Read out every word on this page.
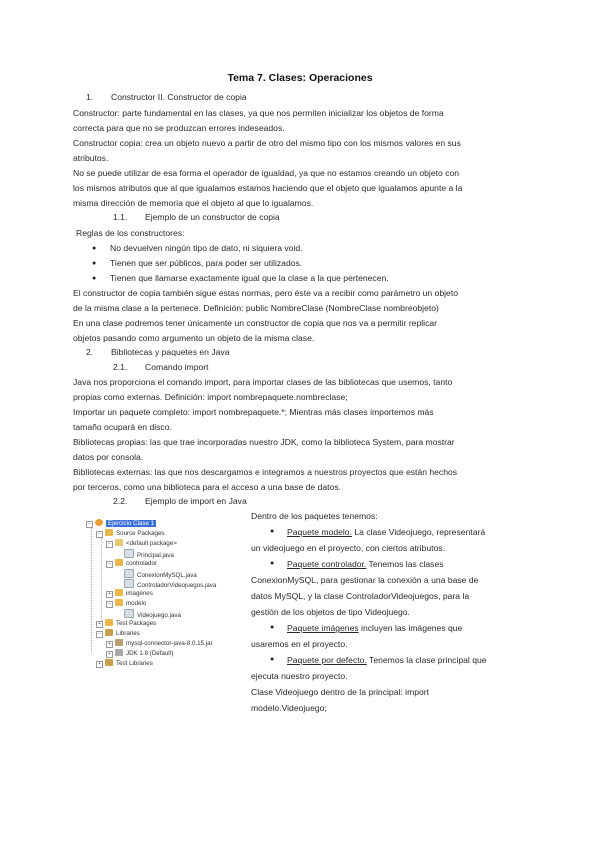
Tema 7. Clases: Operaciones
1. Constructor II. Constructor de copia
Constructor: parte fundamental en las clases, ya que nos permiten inicializar los objetos de forma
correcta para que no se produzcan errores indeseados.
Constructor copia: crea un objeto nuevo a partir de otro del mismo tipo con los mismos valores en sus
atributos.
No se puede utilizar de esa forma el operador de igualdad, ya que no estamos creando un objeto con
los mismos atributos que al que igualamos estamos haciendo que el objeto que igualamos apunte a la
misma dirección de memoria que el objeto al que lo igualamos.
1.1. Ejemplo de un constructor de copia
Reglas de los constructores:
● No devuelven ningún tipo de dato, ni siquiera void.
● Tienen que ser públicos, para poder ser utilizados.
● Tienen que llamarse exactamente igual que la clase a la que pertenecen.
El constructor de copia también sigue estas normas, pero éste va a recibir como parámetro un objeto
de la misma clase a la pertenece. Definición: public NombreClase (NombreClase nombreobjeto)
En una clase podremos tener únicamente un constructor de copia que nos va a permitir replicar
objetos pasando como argumento un objeto de la misma clase.
2. Bibliotecas y paquetes en Java
2.1. Comando import
Java nos proporciona el comando import, para importar clases de las bibliotecas que usemos, tanto
propias como externas. Definición: import nombrepaquete.nombreclase;
Importar un paquete completo: import nombrepaquete.*; Mientras más clases importemos más
tamaño ocupará en disco.
Bibliotecas propias: las que trae incorporadas nuestro JDK, como la biblioteca System, para mostrar
datos por consola.
Bibliotecas externas: las que nos descargamos e integramos a nuestros proyectos que están hechos
por terceros, como una biblioteca para el acceso a una base de datos.
2.2. Ejemplo de import en Java
Dentro de los paquetes tenemos:
● Paquete modelo. La clase Videojuego, representará
un videojuego en el proyecto, con ciertos atributos.
● Paquete controlador. Tenemos las clases
ConexionMySQL, para gestionar la conexión a una base de
datos MySQL, y la clase ControladorVideojuegos, para la
gestión de los objetos de tipo Videojuego.
● Paquete imágenes incluyen las imágenes que
usaremos en el proyecto.
● Paquete por defecto. Tenemos la clase principal que
ejecuta nuestro proyecto.
Clase Videojuego dentro de la principal: import
modelo.Videojuego;
−	Ejercicio Clase 1
− Source Packages
− <default package>
Principal.java
− controlador
ConexionMySQL.java
ControladorVideojuegos.java
+ imagenes
− modelo
Videojuego.java
+ Test Packages
− Libraries
+ mysql-connector-java-8.0.15.jar
+ JDK 1.8 (Default)
+ Test Libraries
